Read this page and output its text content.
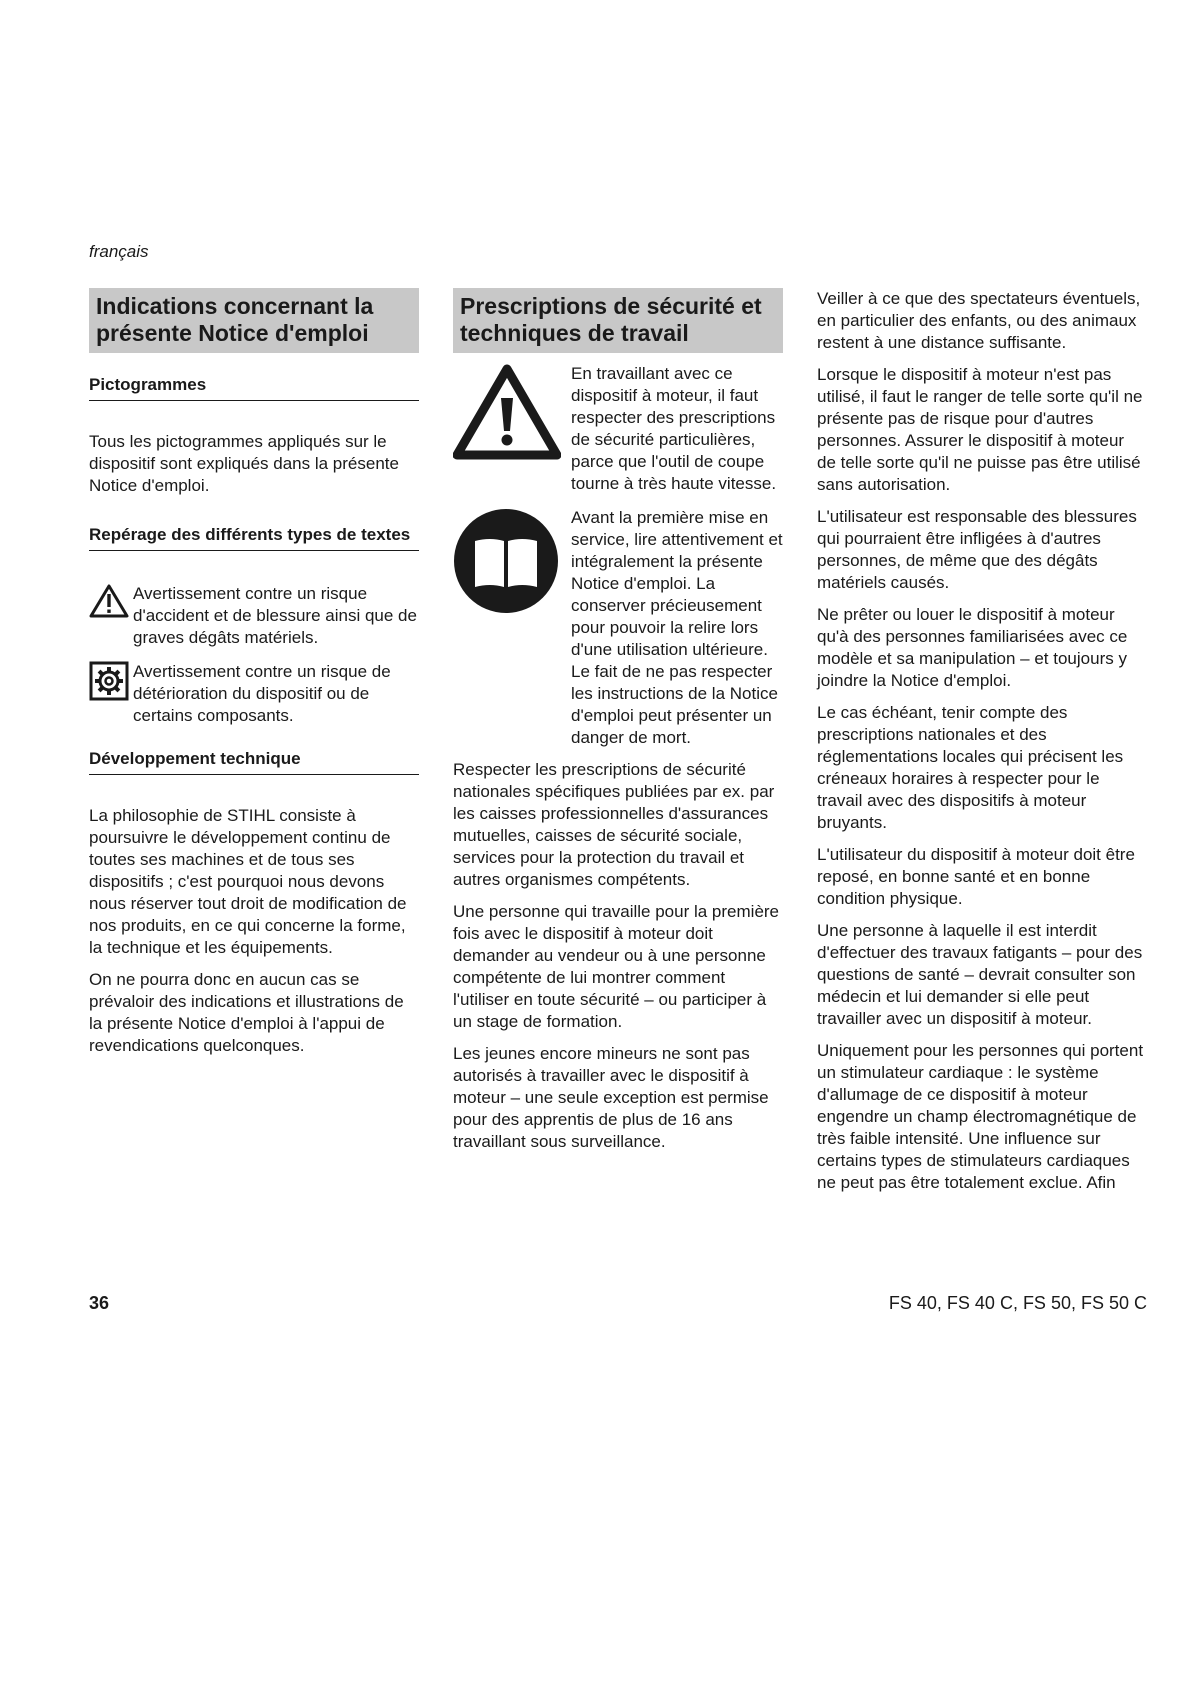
français
Indications concernant la présente Notice d'emploi
Pictogrammes

Tous les pictogrammes appliqués sur le dispositif sont expliqués dans la présente Notice d'emploi.

Repérage des différents types de textes
Avertissement contre un risque d'accident et de blessure ainsi que de graves dégâts matériels.
Avertissement contre un risque de détérioration du dispositif ou de certains composants.
Développement technique

La philosophie de STIHL consiste à poursuivre le développement continu de toutes ses machines et de tous ses dispositifs ; c'est pourquoi nous devons nous réserver tout droit de modification de nos produits, en ce qui concerne la forme, la technique et les équipements.

On ne pourra donc en aucun cas se prévaloir des indications et illustrations de la présente Notice d'emploi à l'appui de revendications quelconques.

Prescriptions de sécurité et techniques de travail
En travaillant avec ce dispositif à moteur, il faut respecter des prescriptions de sécurité particulières, parce que l'outil de coupe tourne à très haute vitesse.
Avant la première mise en service, lire attentivement et intégralement la présente Notice d'emploi. La conserver précieusement pour pouvoir la relire lors d'une utilisation ultérieure. Le fait de ne pas respecter les instructions de la Notice d'emploi peut présenter un danger de mort.

Respecter les prescriptions de sécurité nationales spécifiques publiées par ex. par les caisses professionnelles d'assurances mutuelles, caisses de sécurité sociale, services pour la protection du travail et autres organismes compétents.

Une personne qui travaille pour la première fois avec le dispositif à moteur doit demander au vendeur ou à une personne compétente de lui montrer comment l'utiliser en toute sécurité – ou participer à un stage de formation.

Les jeunes encore mineurs ne sont pas autorisés à travailler avec le dispositif à moteur – une seule exception est permise pour des apprentis de plus de 16 ans travaillant sous surveillance.

Veiller à ce que des spectateurs éventuels, en particulier des enfants, ou des animaux restent à une distance suffisante.

Lorsque le dispositif à moteur n'est pas utilisé, il faut le ranger de telle sorte qu'il ne présente pas de risque pour d'autres personnes. Assurer le dispositif à moteur de telle sorte qu'il ne puisse pas être utilisé sans autorisation.

L'utilisateur est responsable des blessures qui pourraient être infligées à d'autres personnes, de même que des dégâts matériels causés.

Ne prêter ou louer le dispositif à moteur qu'à des personnes familiarisées avec ce modèle et sa manipulation – et toujours y joindre la Notice d'emploi.

Le cas échéant, tenir compte des prescriptions nationales et des réglementations locales qui précisent les créneaux horaires à respecter pour le travail avec des dispositifs à moteur bruyants.

L'utilisateur du dispositif à moteur doit être reposé, en bonne santé et en bonne condition physique.

Une personne à laquelle il est interdit d'effectuer des travaux fatigants – pour des questions de santé – devrait consulter son médecin et lui demander si elle peut travailler avec un dispositif à moteur.

Uniquement pour les personnes qui portent un stimulateur cardiaque : le système d'allumage de ce dispositif à moteur engendre un champ électromagnétique de très faible intensité. Une influence sur certains types de stimulateurs cardiaques ne peut pas être totalement exclue. Afin

36	FS 40, FS 40 C, FS 50, FS 50 C
